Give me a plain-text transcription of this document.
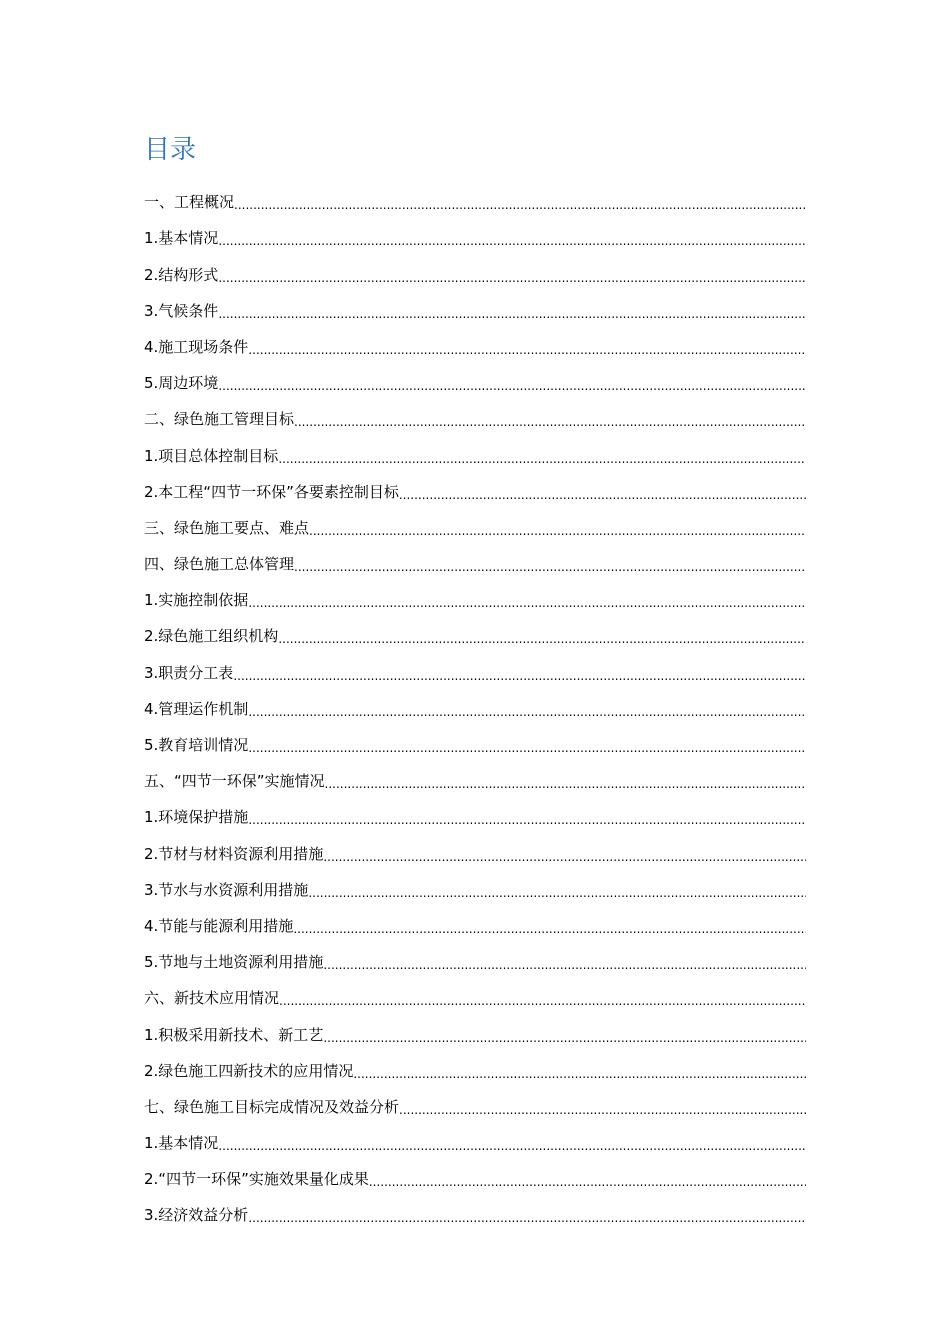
目录
一、工程概况
.....
1.基本情况
.....
2.结构形式
.....
3.气候条件
.....
4.施工现场条件
.....
5.周边环境
.....
二、绿色施工管理目标
.....
1.项目总体控制目标
.....
2.本工程“四节一环保”各要素控制目标
.....
三、绿色施工要点、难点
.....
四、绿色施工总体管理
.....
1.实施控制依据
.....
2.绿色施工组织机构
.....
3.职责分工表
.....
4.管理运作机制
.....
5.教育培训情况
.....
五、“四节一环保”实施情况
.....
1.环境保护措施
.....
2.节材与材料资源利用措施
.....
3.节水与水资源利用措施
.....
4.节能与能源利用措施
.....
5.节地与土地资源利用措施
.....
六、新技术应用情况
.....
1.积极采用新技术、新工艺
.....
2.绿色施工四新技术的应用情况
.....
七、绿色施工目标完成情况及效益分析
.....
1.基本情况
.....
2.“四节一环保”实施效果量化成果
.....
3.经济效益分析
.....
